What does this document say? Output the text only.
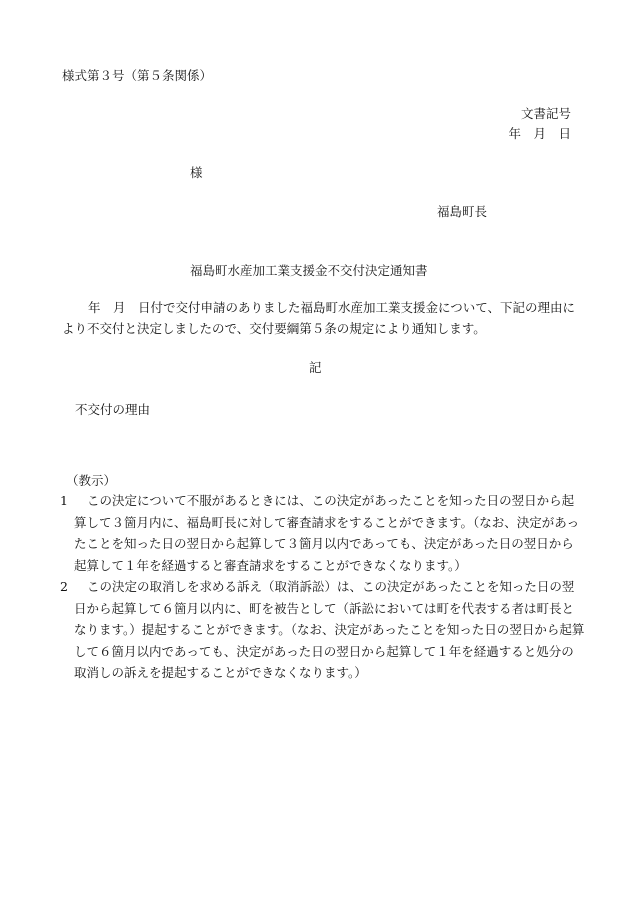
様式第３号（第５条関係）
文書記号
年　月　日
様
福島町長
福島町水産加工業支援金不交付決定通知書

年　月　日付で交付申請のありました福島町水産加工業支援金について、下記の理由により不交付と決定しましたので、交付要綱第５条の規定により通知します。

記
不交付の理由
（教示）
1	この決定について不服があるときには、この決定があったことを知った日の翌日から起算して３箇月内に、福島町長に対して審査請求をすることができます。（なお、決定があったことを知った日の翌日から起算して３箇月以内であっても、決定があった日の翌日から起算して１年を経過すると審査請求をすることができなくなります。）
2	この決定の取消しを求める訴え（取消訴訟）は、この決定があったことを知った日の翌日から起算して６箇月以内に、町を被告として（訴訟においては町を代表する者は町長となります。）提起することができます。（なお、決定があったことを知った日の翌日から起算して６箇月以内であっても、決定があった日の翌日から起算して１年を経過すると処分の取消しの訴えを提起することができなくなります。）
